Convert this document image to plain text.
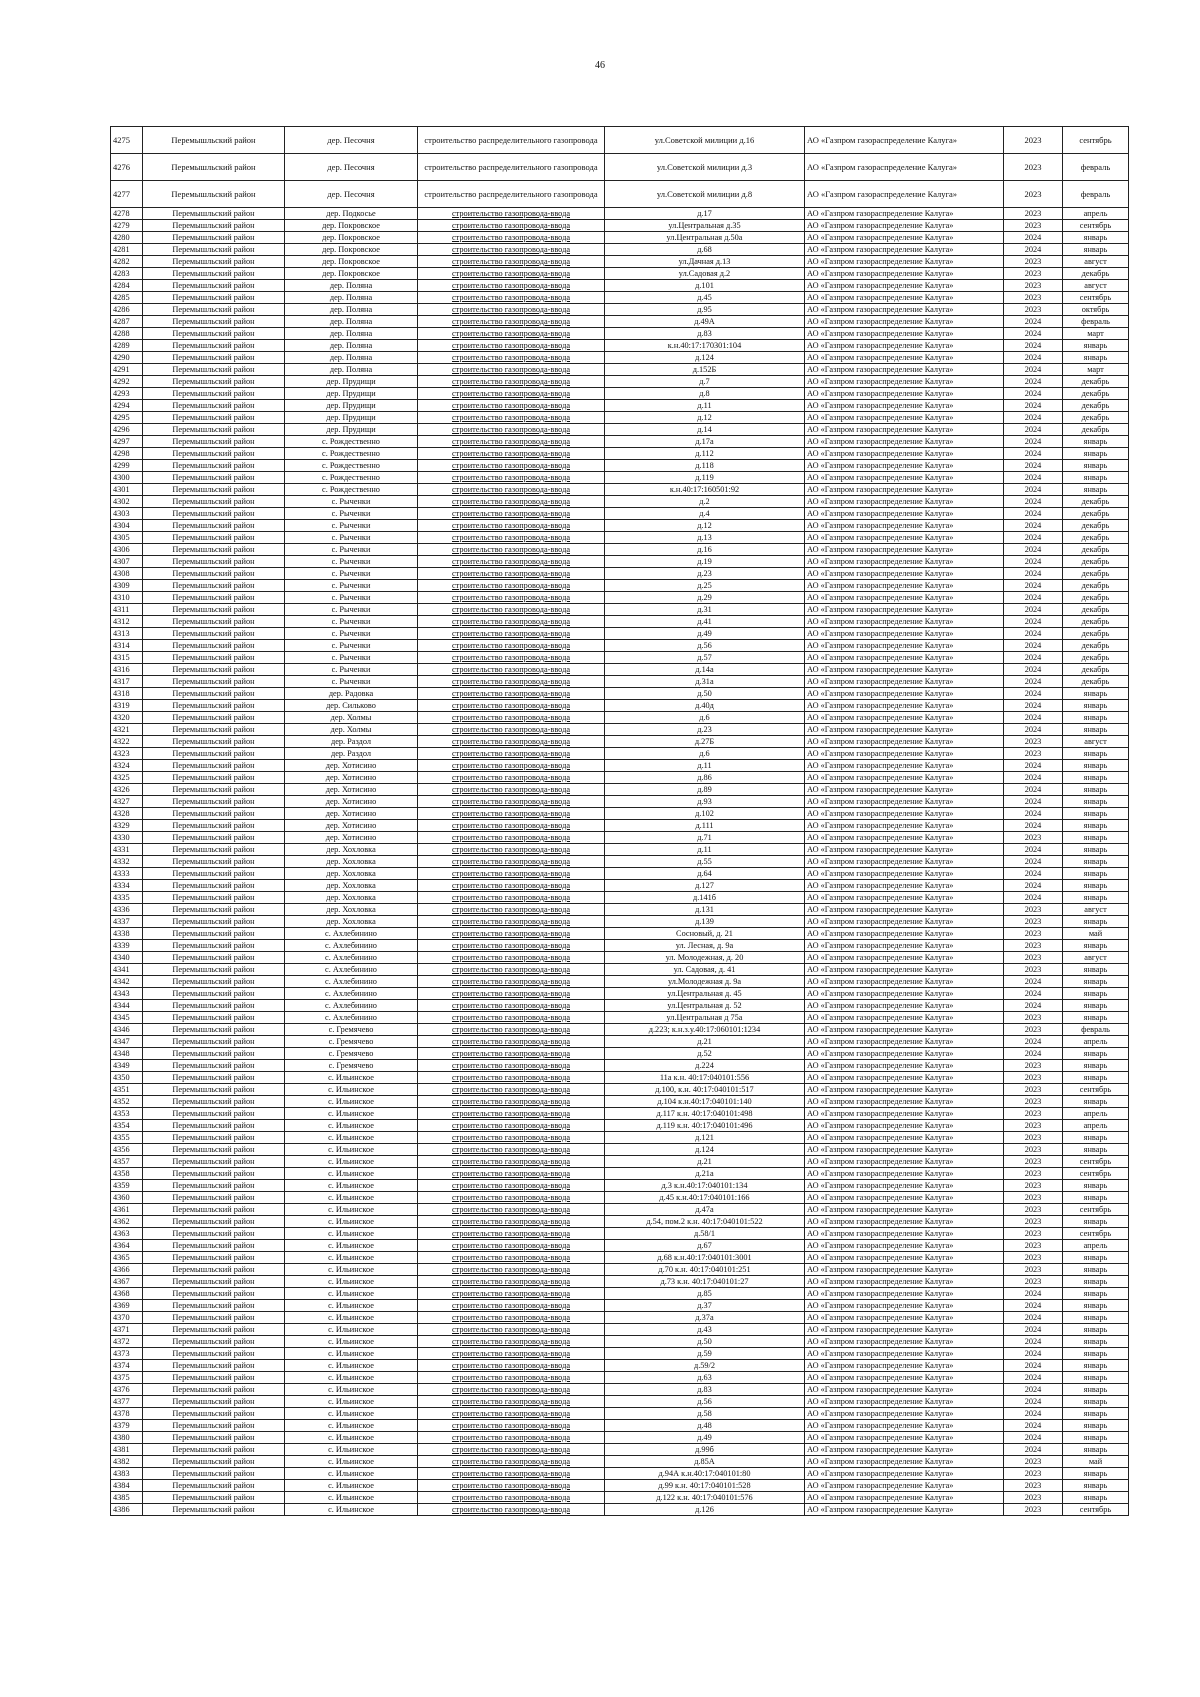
46
4275	Перемышльский район	дер. Песочня	строительство распределительного газопровода	ул.Советской милиции д.16	АО «Газпром газораспределение Калуга»	2023	сентябрь
4276	Перемышльский район	дер. Песочня	строительство распределительного газопровода	ул.Советской милиции д.3	АО «Газпром газораспределение Калуга»	2023	февраль
4277	Перемышльский район	дер. Песочня	строительство распределительного газопровода	ул.Советской милиции д.8	АО «Газпром газораспределение Калуга»	2023	февраль
4278	Перемышльский район	дер. Подкосье	строительство газопровода-ввода	д.17	АО «Газпром газораспределение Калуга»	2023	апрель
4279	Перемышльский район	дер. Покровское	строительство газопровода-ввода	ул.Центральная д.35	АО «Газпром газораспределение Калуга»	2023	сентябрь
4280	Перемышльский район	дер. Покровское	строительство газопровода-ввода	ул.Центральная д.50а	АО «Газпром газораспределение Калуга»	2024	январь
4281	Перемышльский район	дер. Покровское	строительство газопровода-ввода	д.68	АО «Газпром газораспределение Калуга»	2024	январь
4282	Перемышльский район	дер. Покровское	строительство газопровода-ввода	ул.Дачная д.13	АО «Газпром газораспределение Калуга»	2023	август
4283	Перемышльский район	дер. Покровское	строительство газопровода-ввода	ул.Садовая д.2	АО «Газпром газораспределение Калуга»	2023	декабрь
4284	Перемышльский район	дер. Поляна	строительство газопровода-ввода	д.101	АО «Газпром газораспределение Калуга»	2023	август
4285	Перемышльский район	дер. Поляна	строительство газопровода-ввода	д.45	АО «Газпром газораспределение Калуга»	2023	сентябрь
4286	Перемышльский район	дер. Поляна	строительство газопровода-ввода	д.95	АО «Газпром газораспределение Калуга»	2023	октябрь
4287	Перемышльский район	дер. Поляна	строительство газопровода-ввода	д.49А	АО «Газпром газораспределение Калуга»	2024	февраль
4288	Перемышльский район	дер. Поляна	строительство газопровода-ввода	д.83	АО «Газпром газораспределение Калуга»	2024	март
4289	Перемышльский район	дер. Поляна	строительство газопровода-ввода	к.н.40:17:170301:104	АО «Газпром газораспределение Калуга»	2024	январь
4290	Перемышльский район	дер. Поляна	строительство газопровода-ввода	д.124	АО «Газпром газораспределение Калуга»	2024	январь
4291	Перемышльский район	дер. Поляна	строительство газопровода-ввода	д.152Б	АО «Газпром газораспределение Калуга»	2024	март
4292	Перемышльский район	дер. Прудищи	строительство газопровода-ввода	д.7	АО «Газпром газораспределение Калуга»	2024	декабрь
4293	Перемышльский район	дер. Прудищи	строительство газопровода-ввода	д.8	АО «Газпром газораспределение Калуга»	2024	декабрь
4294	Перемышльский район	дер. Прудищи	строительство газопровода-ввода	д.11	АО «Газпром газораспределение Калуга»	2024	декабрь
4295	Перемышльский район	дер. Прудищи	строительство газопровода-ввода	д.12	АО «Газпром газораспределение Калуга»	2024	декабрь
4296	Перемышльский район	дер. Прудищи	строительство газопровода-ввода	д.14	АО «Газпром газораспределение Калуга»	2024	декабрь
4297	Перемышльский район	с. Рождественно	строительство газопровода-ввода	д.17а	АО «Газпром газораспределение Калуга»	2024	январь
4298	Перемышльский район	с. Рождественно	строительство газопровода-ввода	д.112	АО «Газпром газораспределение Калуга»	2024	январь
4299	Перемышльский район	с. Рождественно	строительство газопровода-ввода	д.118	АО «Газпром газораспределение Калуга»	2024	январь
4300	Перемышльский район	с. Рождественно	строительство газопровода-ввода	д.119	АО «Газпром газораспределение Калуга»	2024	январь
4301	Перемышльский район	с. Рождественно	строительство газопровода-ввода	к.н.40:17:160501:92	АО «Газпром газораспределение Калуга»	2024	январь
4302	Перемышльский район	с. Рыченки	строительство газопровода-ввода	д.2	АО «Газпром газораспределение Калуга»	2024	декабрь
4303	Перемышльский район	с. Рыченки	строительство газопровода-ввода	д.4	АО «Газпром газораспределение Калуга»	2024	декабрь
4304	Перемышльский район	с. Рыченки	строительство газопровода-ввода	д.12	АО «Газпром газораспределение Калуга»	2024	декабрь
4305	Перемышльский район	с. Рыченки	строительство газопровода-ввода	д.13	АО «Газпром газораспределение Калуга»	2024	декабрь
4306	Перемышльский район	с. Рыченки	строительство газопровода-ввода	д.16	АО «Газпром газораспределение Калуга»	2024	декабрь
4307	Перемышльский район	с. Рыченки	строительство газопровода-ввода	д.19	АО «Газпром газораспределение Калуга»	2024	декабрь
4308	Перемышльский район	с. Рыченки	строительство газопровода-ввода	д.23	АО «Газпром газораспределение Калуга»	2024	декабрь
4309	Перемышльский район	с. Рыченки	строительство газопровода-ввода	д.25	АО «Газпром газораспределение Калуга»	2024	декабрь
4310	Перемышльский район	с. Рыченки	строительство газопровода-ввода	д.29	АО «Газпром газораспределение Калуга»	2024	декабрь
4311	Перемышльский район	с. Рыченки	строительство газопровода-ввода	д.31	АО «Газпром газораспределение Калуга»	2024	декабрь
4312	Перемышльский район	с. Рыченки	строительство газопровода-ввода	д.41	АО «Газпром газораспределение Калуга»	2024	декабрь
4313	Перемышльский район	с. Рыченки	строительство газопровода-ввода	д.49	АО «Газпром газораспределение Калуга»	2024	декабрь
4314	Перемышльский район	с. Рыченки	строительство газопровода-ввода	д.56	АО «Газпром газораспределение Калуга»	2024	декабрь
4315	Перемышльский район	с. Рыченки	строительство газопровода-ввода	д.57	АО «Газпром газораспределение Калуга»	2024	декабрь
4316	Перемышльский район	с. Рыченки	строительство газопровода-ввода	д.14а	АО «Газпром газораспределение Калуга»	2024	декабрь
4317	Перемышльский район	с. Рыченки	строительство газопровода-ввода	д.31а	АО «Газпром газораспределение Калуга»	2024	декабрь
4318	Перемышльский район	дер. Радовка	строительство газопровода-ввода	д.50	АО «Газпром газораспределение Калуга»	2024	январь
4319	Перемышльский район	дер. Сильково	строительство газопровода-ввода	д.40д	АО «Газпром газораспределение Калуга»	2024	январь
4320	Перемышльский район	дер. Холмы	строительство газопровода-ввода	д.6	АО «Газпром газораспределение Калуга»	2024	январь
4321	Перемышльский район	дер. Холмы	строительство газопровода-ввода	д.23	АО «Газпром газораспределение Калуга»	2024	январь
4322	Перемышльский район	дер. Раздол	строительство газопровода-ввода	д.27Б	АО «Газпром газораспределение Калуга»	2023	август
4323	Перемышльский район	дер. Раздол	строительство газопровода-ввода	д.6	АО «Газпром газораспределение Калуга»	2023	январь
4324	Перемышльский район	дер. Хотисино	строительство газопровода-ввода	д.11	АО «Газпром газораспределение Калуга»	2024	январь
4325	Перемышльский район	дер. Хотисино	строительство газопровода-ввода	д.86	АО «Газпром газораспределение Калуга»	2024	январь
4326	Перемышльский район	дер. Хотисино	строительство газопровода-ввода	д.89	АО «Газпром газораспределение Калуга»	2024	январь
4327	Перемышльский район	дер. Хотисино	строительство газопровода-ввода	д.93	АО «Газпром газораспределение Калуга»	2024	январь
4328	Перемышльский район	дер. Хотисино	строительство газопровода-ввода	д.102	АО «Газпром газораспределение Калуга»	2024	январь
4329	Перемышльский район	дер. Хотисино	строительство газопровода-ввода	д.111	АО «Газпром газораспределение Калуга»	2024	январь
4330	Перемышльский район	дер. Хотисино	строительство газопровода-ввода	д.71	АО «Газпром газораспределение Калуга»	2023	январь
4331	Перемышльский район	дер. Хохловка	строительство газопровода-ввода	д.11	АО «Газпром газораспределение Калуга»	2024	январь
4332	Перемышльский район	дер. Хохловка	строительство газопровода-ввода	д.55	АО «Газпром газораспределение Калуга»	2024	январь
4333	Перемышльский район	дер. Хохловка	строительство газопровода-ввода	д.64	АО «Газпром газораспределение Калуга»	2024	январь
4334	Перемышльский район	дер. Хохловка	строительство газопровода-ввода	д.127	АО «Газпром газораспределение Калуга»	2024	январь
4335	Перемышльский район	дер. Хохловка	строительство газопровода-ввода	д.141б	АО «Газпром газораспределение Калуга»	2024	январь
4336	Перемышльский район	дер. Хохловка	строительство газопровода-ввода	д.131	АО «Газпром газораспределение Калуга»	2023	август
4337	Перемышльский район	дер. Хохловка	строительство газопровода-ввода	д.139	АО «Газпром газораспределение Калуга»	2023	январь
4338	Перемышльский район	с. Ахлебинино	строительство газопровода-ввода	Сосновый, д. 21	АО «Газпром газораспределение Калуга»	2023	май
4339	Перемышльский район	с. Ахлебинино	строительство газопровода-ввода	ул. Лесная, д. 9а	АО «Газпром газораспределение Калуга»	2023	январь
4340	Перемышльский район	с. Ахлебинино	строительство газопровода-ввода	ул. Молодежная, д. 20	АО «Газпром газораспределение Калуга»	2023	август
4341	Перемышльский район	с. Ахлебинино	строительство газопровода-ввода	ул. Садовая, д. 41	АО «Газпром газораспределение Калуга»	2023	январь
4342	Перемышльский район	с. Ахлебинино	строительство газопровода-ввода	ул.Молодежная д. 9а	АО «Газпром газораспределение Калуга»	2024	январь
4343	Перемышльский район	с. Ахлебинино	строительство газопровода-ввода	ул.Центральная д. 45	АО «Газпром газораспределение Калуга»	2024	январь
4344	Перемышльский район	с. Ахлебинино	строительство газопровода-ввода	ул.Центральная д. 52	АО «Газпром газораспределение Калуга»	2024	январь
4345	Перемышльский район	с. Ахлебинино	строительство газопровода-ввода	ул.Центральная д 75а	АО «Газпром газораспределение Калуга»	2023	январь
4346	Перемышльский район	с. Гремячево	строительство газопровода-ввода	д.223; к.н.з.у.40:17:060101:1234	АО «Газпром газораспределение Калуга»	2023	февраль
4347	Перемышльский район	с. Гремячево	строительство газопровода-ввода	д.21	АО «Газпром газораспределение Калуга»	2024	апрель
4348	Перемышльский район	с. Гремячево	строительство газопровода-ввода	д.52	АО «Газпром газораспределение Калуга»	2024	январь
4349	Перемышльский район	с. Гремячево	строительство газопровода-ввода	д.224	АО «Газпром газораспределение Калуга»	2023	январь
4350	Перемышльский район	с. Ильинское	строительство газопровода-ввода	11а к.н. 40:17:040101:556	АО «Газпром газораспределение Калуга»	2023	январь
4351	Перемышльский район	с. Ильинское	строительство газопровода-ввода	д.100, к.н. 40:17:040101:517	АО «Газпром газораспределение Калуга»	2023	сентябрь
4352	Перемышльский район	с. Ильинское	строительство газопровода-ввода	д.104 к.н.40:17:040101:140	АО «Газпром газораспределение Калуга»	2023	январь
4353	Перемышльский район	с. Ильинское	строительство газопровода-ввода	д.117 к.н. 40:17:040101:498	АО «Газпром газораспределение Калуга»	2023	апрель
4354	Перемышльский район	с. Ильинское	строительство газопровода-ввода	д.119 к.н. 40:17:040101:496	АО «Газпром газораспределение Калуга»	2023	апрель
4355	Перемышльский район	с. Ильинское	строительство газопровода-ввода	д.121	АО «Газпром газораспределение Калуга»	2023	январь
4356	Перемышльский район	с. Ильинское	строительство газопровода-ввода	д.124	АО «Газпром газораспределение Калуга»	2023	январь
4357	Перемышльский район	с. Ильинское	строительство газопровода-ввода	д.21	АО «Газпром газораспределение Калуга»	2023	сентябрь
4358	Перемышльский район	с. Ильинское	строительство газопровода-ввода	д.21а	АО «Газпром газораспределение Калуга»	2023	сентябрь
4359	Перемышльский район	с. Ильинское	строительство газопровода-ввода	д.3 к.н.40:17:040101:134	АО «Газпром газораспределение Калуга»	2023	январь
4360	Перемышльский район	с. Ильинское	строительство газопровода-ввода	д.45 к.н.40:17:040101:166	АО «Газпром газораспределение Калуга»	2023	январь
4361	Перемышльский район	с. Ильинское	строительство газопровода-ввода	д.47а	АО «Газпром газораспределение Калуга»	2023	сентябрь
4362	Перемышльский район	с. Ильинское	строительство газопровода-ввода	д.54, пом.2 к.н. 40:17:040101:522	АО «Газпром газораспределение Калуга»	2023	январь
4363	Перемышльский район	с. Ильинское	строительство газопровода-ввода	д.58/1	АО «Газпром газораспределение Калуга»	2023	сентябрь
4364	Перемышльский район	с. Ильинское	строительство газопровода-ввода	д.67	АО «Газпром газораспределение Калуга»	2023	апрель
4365	Перемышльский район	с. Ильинское	строительство газопровода-ввода	д.68 к.н.40:17:040101:3001	АО «Газпром газораспределение Калуга»	2023	январь
4366	Перемышльский район	с. Ильинское	строительство газопровода-ввода	д.70 к.н. 40:17:040101:251	АО «Газпром газораспределение Калуга»	2023	январь
4367	Перемышльский район	с. Ильинское	строительство газопровода-ввода	д.73 к.н. 40:17:040101:27	АО «Газпром газораспределение Калуга»	2023	январь
4368	Перемышльский район	с. Ильинское	строительство газопровода-ввода	д.85	АО «Газпром газораспределение Калуга»	2024	январь
4369	Перемышльский район	с. Ильинское	строительство газопровода-ввода	д.37	АО «Газпром газораспределение Калуга»	2024	январь
4370	Перемышльский район	с. Ильинское	строительство газопровода-ввода	д.37а	АО «Газпром газораспределение Калуга»	2024	январь
4371	Перемышльский район	с. Ильинское	строительство газопровода-ввода	д.43	АО «Газпром газораспределение Калуга»	2024	январь
4372	Перемышльский район	с. Ильинское	строительство газопровода-ввода	д.50	АО «Газпром газораспределение Калуга»	2024	январь
4373	Перемышльский район	с. Ильинское	строительство газопровода-ввода	д.59	АО «Газпром газораспределение Калуга»	2024	январь
4374	Перемышльский район	с. Ильинское	строительство газопровода-ввода	д.59/2	АО «Газпром газораспределение Калуга»	2024	январь
4375	Перемышльский район	с. Ильинское	строительство газопровода-ввода	д.63	АО «Газпром газораспределение Калуга»	2024	январь
4376	Перемышльский район	с. Ильинское	строительство газопровода-ввода	д.83	АО «Газпром газораспределение Калуга»	2024	январь
4377	Перемышльский район	с. Ильинское	строительство газопровода-ввода	д.56	АО «Газпром газораспределение Калуга»	2024	январь
4378	Перемышльский район	с. Ильинское	строительство газопровода-ввода	д.58	АО «Газпром газораспределение Калуга»	2024	январь
4379	Перемышльский район	с. Ильинское	строительство газопровода-ввода	д.48	АО «Газпром газораспределение Калуга»	2024	январь
4380	Перемышльский район	с. Ильинское	строительство газопровода-ввода	д.49	АО «Газпром газораспределение Калуга»	2024	январь
4381	Перемышльский район	с. Ильинское	строительство газопровода-ввода	д.99б	АО «Газпром газораспределение Калуга»	2024	январь
4382	Перемышльский район	с. Ильинское	строительство газопровода-ввода	д.85А	АО «Газпром газораспределение Калуга»	2023	май
4383	Перемышльский район	с. Ильинское	строительство газопровода-ввода	д.94А к.н.40:17:040101:80	АО «Газпром газораспределение Калуга»	2023	январь
4384	Перемышльский район	с. Ильинское	строительство газопровода-ввода	д.99 к.н. 40:17:040101:528	АО «Газпром газораспределение Калуга»	2023	январь
4385	Перемышльский район	с. Ильинское	строительство газопровода-ввода	д.122 к.н. 40:17:040101:576	АО «Газпром газораспределение Калуга»	2023	январь
4386	Перемышльский район	с. Ильинское	строительство газопровода-ввода	д.126	АО «Газпром газораспределение Калуга»	2023	сентябрь
